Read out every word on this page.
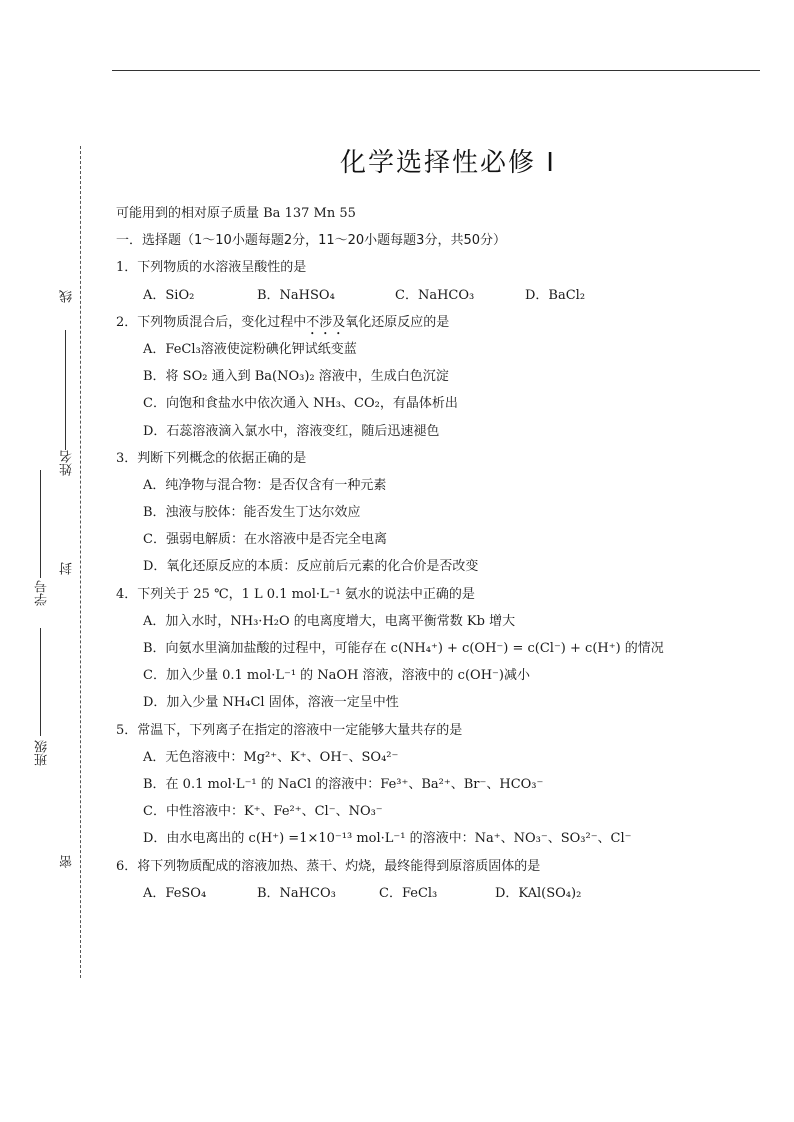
线
姓名
封
学号
班级
密
化学选择性必修 I
可能用到的相对原子质量 Ba 137 Mn 55
一．选择题（1～10小题每题2分，11～20小题每题3分，共50分）
1．下列物质的水溶液呈酸性的是
A．SiO₂	B．NaHSO₄	C．NaHCO₃	D．BaCl₂
2．下列物质混合后，变化过程中不涉及氧化还原反应的是
A．FeCl₃溶液使淀粉碘化钾试纸变蓝
B．将 SO₂ 通入到 Ba(NO₃)₂ 溶液中，生成白色沉淀
C．向饱和食盐水中依次通入 NH₃、CO₂，有晶体析出
D．石蕊溶液滴入氯水中，溶液变红，随后迅速褪色
3．判断下列概念的依据正确的是
A．纯净物与混合物：是否仅含有一种元素
B．浊液与胶体：能否发生丁达尔效应
C．强弱电解质：在水溶液中是否完全电离
D．氧化还原反应的本质：反应前后元素的化合价是否改变
4．下列关于 25 ℃，1 L 0.1 mol·L⁻¹ 氨水的说法中正确的是
A．加入水时，NH₃·H₂O 的电离度增大，电离平衡常数 Kb 增大
B．向氨水里滴加盐酸的过程中，可能存在 c(NH₄⁺) + c(OH⁻) = c(Cl⁻) + c(H⁺) 的情况
C．加入少量 0.1 mol·L⁻¹ 的 NaOH 溶液，溶液中的 c(OH⁻)减小
D．加入少量 NH₄Cl 固体，溶液一定呈中性
5．常温下，下列离子在指定的溶液中一定能够大量共存的是
A．无色溶液中：Mg²⁺、K⁺、OH⁻、SO₄²⁻
B．在 0.1 mol·L⁻¹ 的 NaCl 的溶液中：Fe³⁺、Ba²⁺、Br⁻、HCO₃⁻
C．中性溶液中：K⁺、Fe²⁺、Cl⁻、NO₃⁻
D．由水电离出的 c(H⁺) =1×10⁻¹³ mol·L⁻¹ 的溶液中：Na⁺、NO₃⁻、SO₃²⁻、Cl⁻
6．将下列物质配成的溶液加热、蒸干、灼烧，最终能得到原溶质固体的是
A．FeSO₄	B．NaHCO₃	C．FeCl₃	D．KAl(SO₄)₂
